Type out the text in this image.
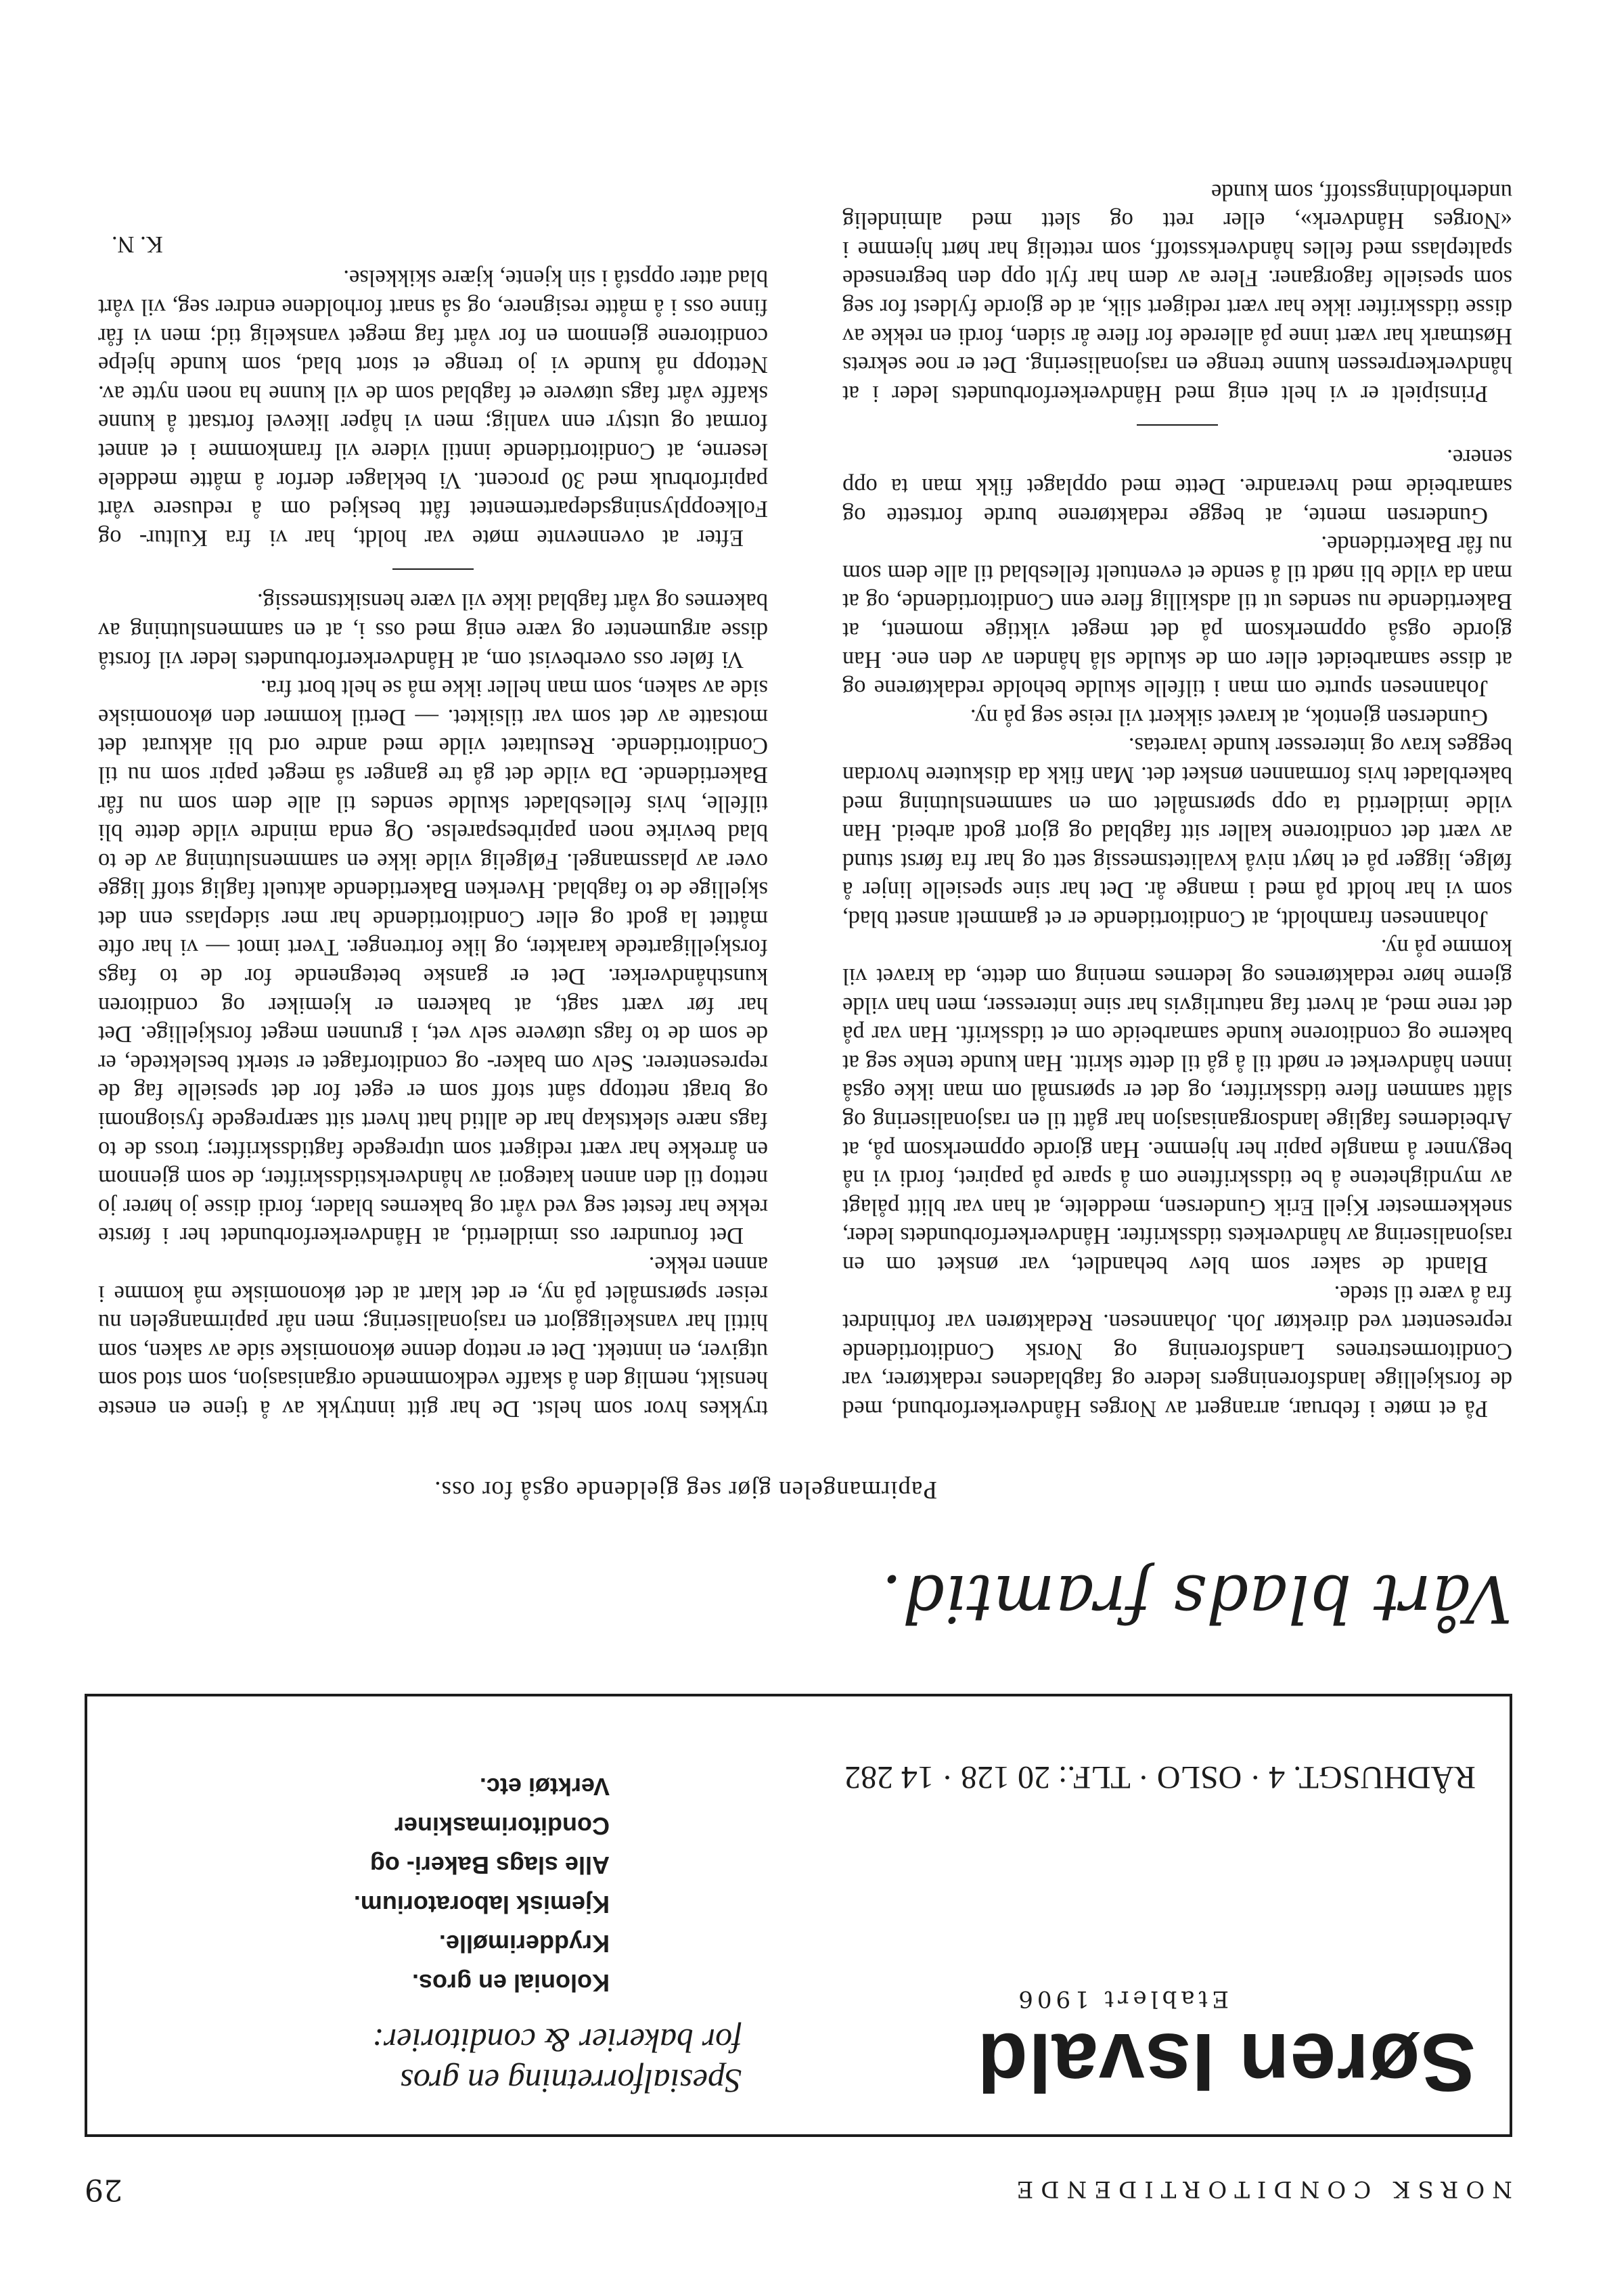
NORSK CONDITORTIDENDE
29
Søren Isvald
Etablert 1906
Spesialforretning en gros
for bakerier & conditorier:
Kolonial en gros.
Krydderimølle.
Kjemisk laboratorium.
Alle slags Bakeri- og
Conditorimaskiner
Verktøi etc.	RÅDHUSGT. 4 · OSLO · TLF.: 20 128 · 14 282
Vårt blads framtid.
Papirmangelen gjør seg gjeldende også for oss.

På et møte i februar, arrangert av Norges Håndverkerforbund, med de forskjellige landsforeningers ledere og fagbladenes redaktører, var Conditormestrenes Landsforening og Norsk Conditortidende representert ved direktør Joh. Johannesen. Redaktøren var forhindret fra å være til stede.

Blandt de saker som blev behandlet, var ønsket om en rasjonalisering av håndverkets tidsskrifter. Håndverkerforbundets leder, snekkermester Kjell Erik Gundersen, meddelte, at han var blitt pålagt av myndighetene å be tidsskriftene om å spare på papiret, fordi vi nå begynner å mangle papir her hjemme. Han gjorde oppmerksom på, at Arbeidernes faglige landsorganisasjon har gått til en rasjonalisering og slått sammen flere tidsskrifter, og det er spørsmål om man ikke også innen håndverket er nødt til å gå til dette skritt. Han kunde tenke seg at bakerne og conditorene kunde samarbeide om et tidsskrift. Han var på det rene med, at hvert fag naturligvis har sine interesser, men han vilde gjerne høre redaktørenes og ledernes mening om dette, da kravet vil komme på ny.

Johannesen framholdt, at Conditortidende er et gammelt ansett blad, som vi har holdt på med i mange år. Det har sine spesielle linjer å følge, ligger på et høyt nivå kvalitetsmessig sett og har fra først stund av vært det conditorene kaller sitt fagblad og gjort godt arbeid. Han vilde imidlertid ta opp spørsmålet om en sammenslutning med bakerbladet hvis formannen ønsket det. Man fikk da diskutere hvordan begges krav og interesser kunde ivaretas.

Gundersen gjentok, at kravet sikkert vil reise seg på ny.

Johannesen spurte om man i tilfelle skulde beholde redaktørene og at disse samarbeidet eller om de skulde slå hånden av den ene. Han gjorde også oppmerksom på det meget viktige moment, at Bakertidende nu sendes ut til adskillig flere enn Conditortidende, og at man da vilde bli nødt til å sende et eventuelt fellesblad til alle dem som nu får Bakertidende.

Gundersen mente, at begge redaktørene burde fortsette og samarbeide med hverandre. Dette med opplaget fikk man ta opp senere.

Prinsipielt er vi helt enig med Håndverkerforbundets leder i at håndverkerpressen kunne trenge en rasjonalisering. Det er noe sekrets Høstmark har vært inne på allerede for flere år siden, fordi en rekke av disse tidsskrifter ikke har vært redigert slik, at de gjorde fyldest for seg som spesielle fagorganer. Flere av dem har fylt opp den begrensede spalteplass med felles håndverksstoff, som rettelig har hørt hjemme i «Norges Håndverk», eller rett og slett med almindelig underholdningsstoff, som kunde

trykkes hvor som helst. De har gitt inntrykk av å tjene en eneste hensikt, nemlig den å skaffe vedkommende organisasjon, som stod som utgiver, en inntekt. Det er nettop denne økonomiske side av saken, som hittil har vanskeliggjort en rasjonalisering; men når papirmangelen nu reiser spørsmålet på ny, er det klart at det økonomiske må komme i annen rekke.

Det forundrer oss imidlertid, at Håndverkerforbundet her i første rekke har festet seg ved vårt og bakernes blader, fordi disse jo hører jo nettop til den annen kategori av håndverkstidsskrifter, de som gjennom en årrekke har vært redigert som utpregede fagtidsskrifter; tross de to fags nære slektskap har de alltid hatt hvert sitt særpregede fysiognomi og bragt nettopp sånt stoff som er eget for det spesielle fag de representerer. Selv om baker- og conditorfaget er sterkt beslektede, er de som de to fags utøvere selv vet, i grunnen meget forskjellige. Det har før vært sagt, at bakeren er kjemiker og conditoren kunsthåndverker. Det er ganske betegnende for de to fags forskjelligartede karakter, og like fortrenger. Tvert imot — vi har ofte måttet la godt og eller Conditortidende har mer sideplass enn det skjellige de to fagblad. Hverken Bakertidende aktuelt faglig stoff ligge over av plassmangel. Følgelig vilde ikke en sammenslutning av de to blad bevirke noen papirbesparelse. Og enda mindre vilde dette bli tilfelle, hvis fellesbladet skulde sendes til alle dem som nu får Bakertidende. Da vilde det gå tre ganger så meget papir som nu til Conditortidende. Resultatet vilde med andre ord bli akkurat det motsatte av det som var tilsiktet. — Dertil kommer den økonomiske side av saken, som man heller ikke må se helt bort fra.

Vi føler oss overbevist om, at Håndverkerforbundets leder vil forstå disse argumenter og være enig med oss i, at en sammenslutning av bakernes og vårt fagblad ikke vil være hensiktsmessig.

Efter at ovennevnte møte var holdt, har vi fra Kultur- og Folkeopplysningsdepartementet fått beskjed om å redusere vårt papirforbruk med 30 procent. Vi beklager derfor å måtte meddele leserne, at Conditortidende inntil videre vil framkomme i et annet format og utstyr enn vanlig; men vi håper likevel fortsatt å kunne skaffe vårt fags utøvere et fagblad som de vil kunne ha noen nytte av. Nettopp nå kunde vi jo trenge et stort blad, som kunde hjelpe conditorene gjennom en for vårt fag meget vanskelig tid; men vi får finne oss i å måtte resignere, og så snart forholdene endrer seg, vil vårt blad atter oppstå i sin kjente, kjære skikkelse.

K. N.
